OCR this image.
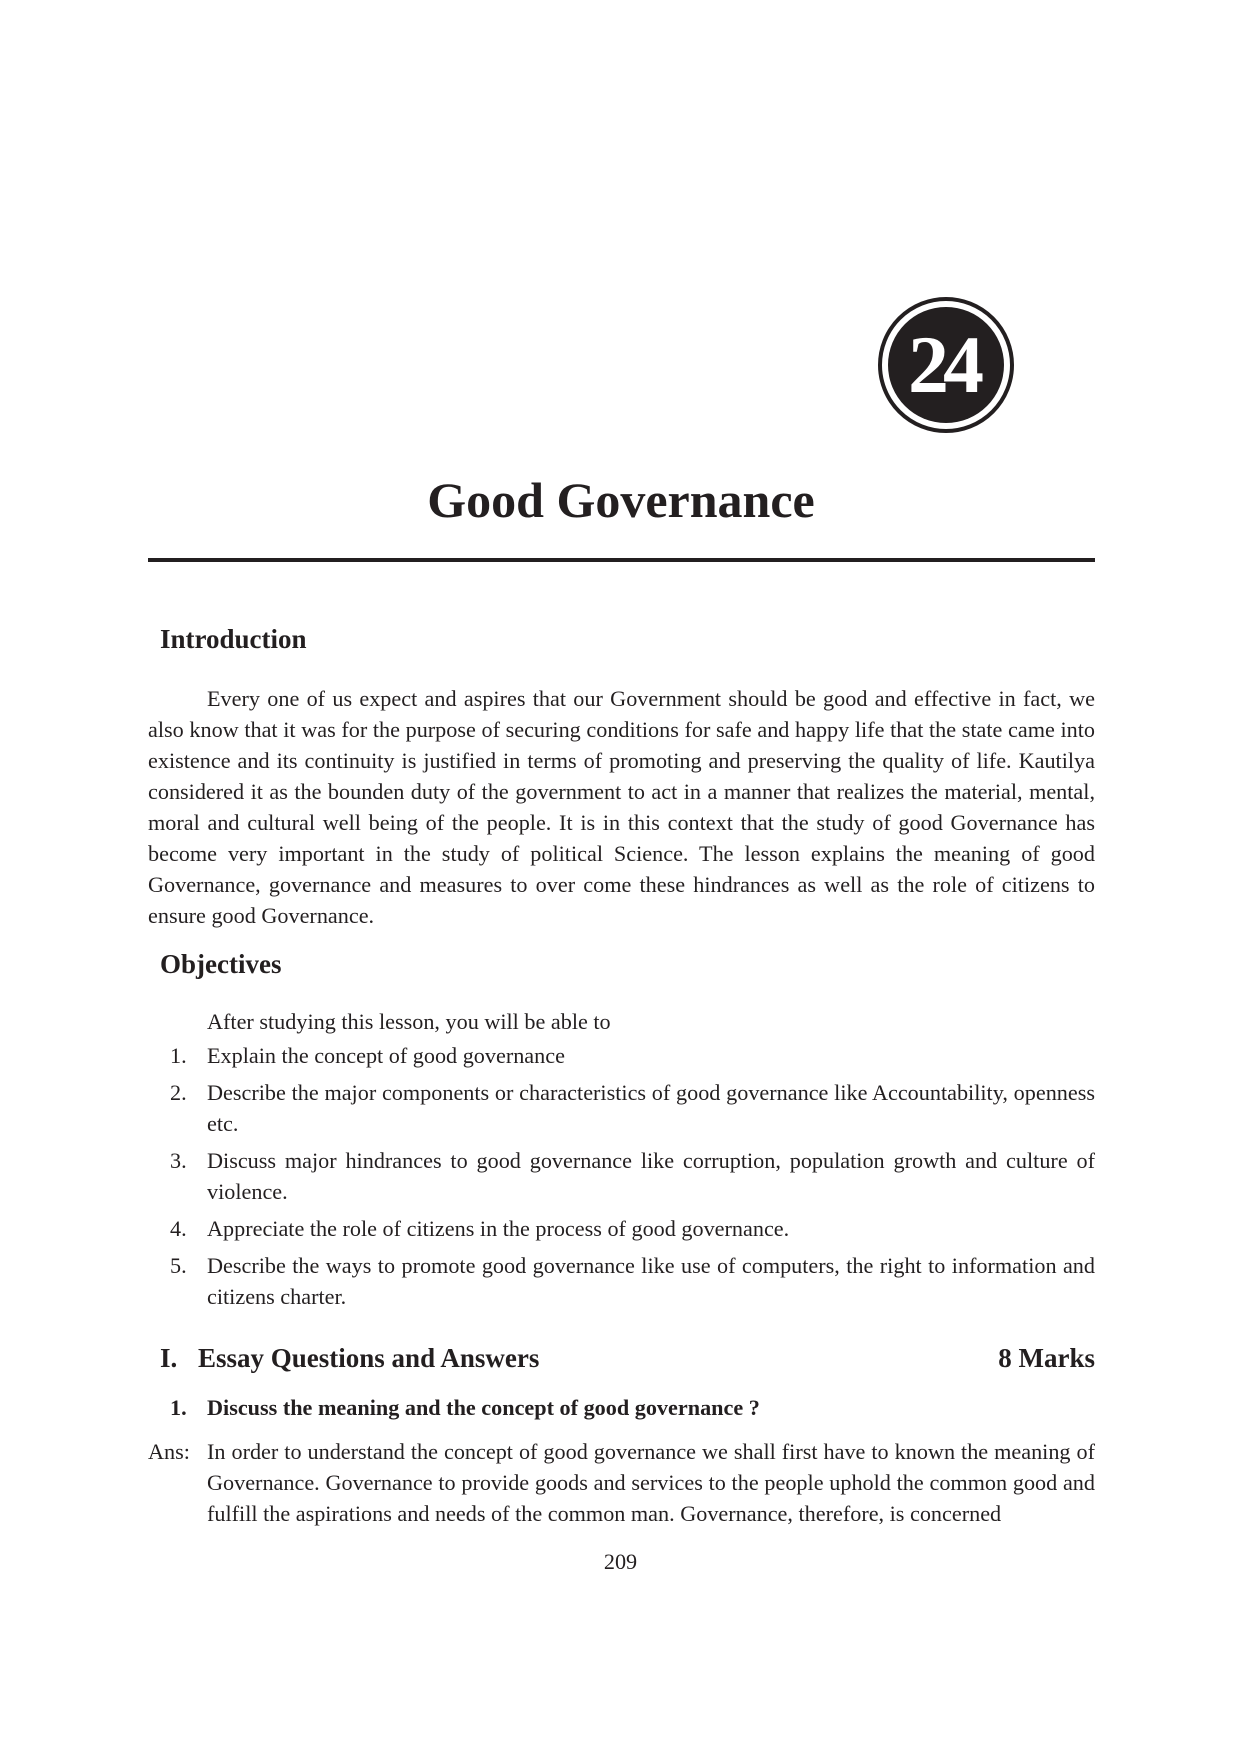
24
Good Governance
Introduction

Every one of us expect and aspires that our Government should be good and effective in fact, we also know that it was for the purpose of securing conditions for safe and happy life that the state came into existence and its continuity is justified in terms of promoting and preserving the quality of life. Kautilya considered it as the bounden duty of the government to act in a manner that realizes the material, mental, moral and cultural well being of the people. It is in this context that the study of good Governance has become very important in the study of political Science. The lesson explains the meaning of good Governance, governance and measures to over come these hindrances as well as the role of citizens to ensure good Governance.

Objectives

After studying this lesson, you will be able to

1. Explain the concept of good governance
2. Describe the major components or characteristics of good governance like Accountability, openness etc.
3. Discuss major hindrances to good governance like corruption, population growth and culture of violence.
4. Appreciate the role of citizens in the process of good governance.
5. Describe the ways to promote good governance like use of computers, the right to information and citizens charter.
I. Essay Questions and Answers	8 Marks

1. Discuss the meaning and the concept of good governance ?

Ans: In order to understand the concept of good governance we shall first have to known the meaning of Governance. Governance to provide goods and services to the people uphold the common good and fulfill the aspirations and needs of the common man. Governance, therefore, is concerned

209
